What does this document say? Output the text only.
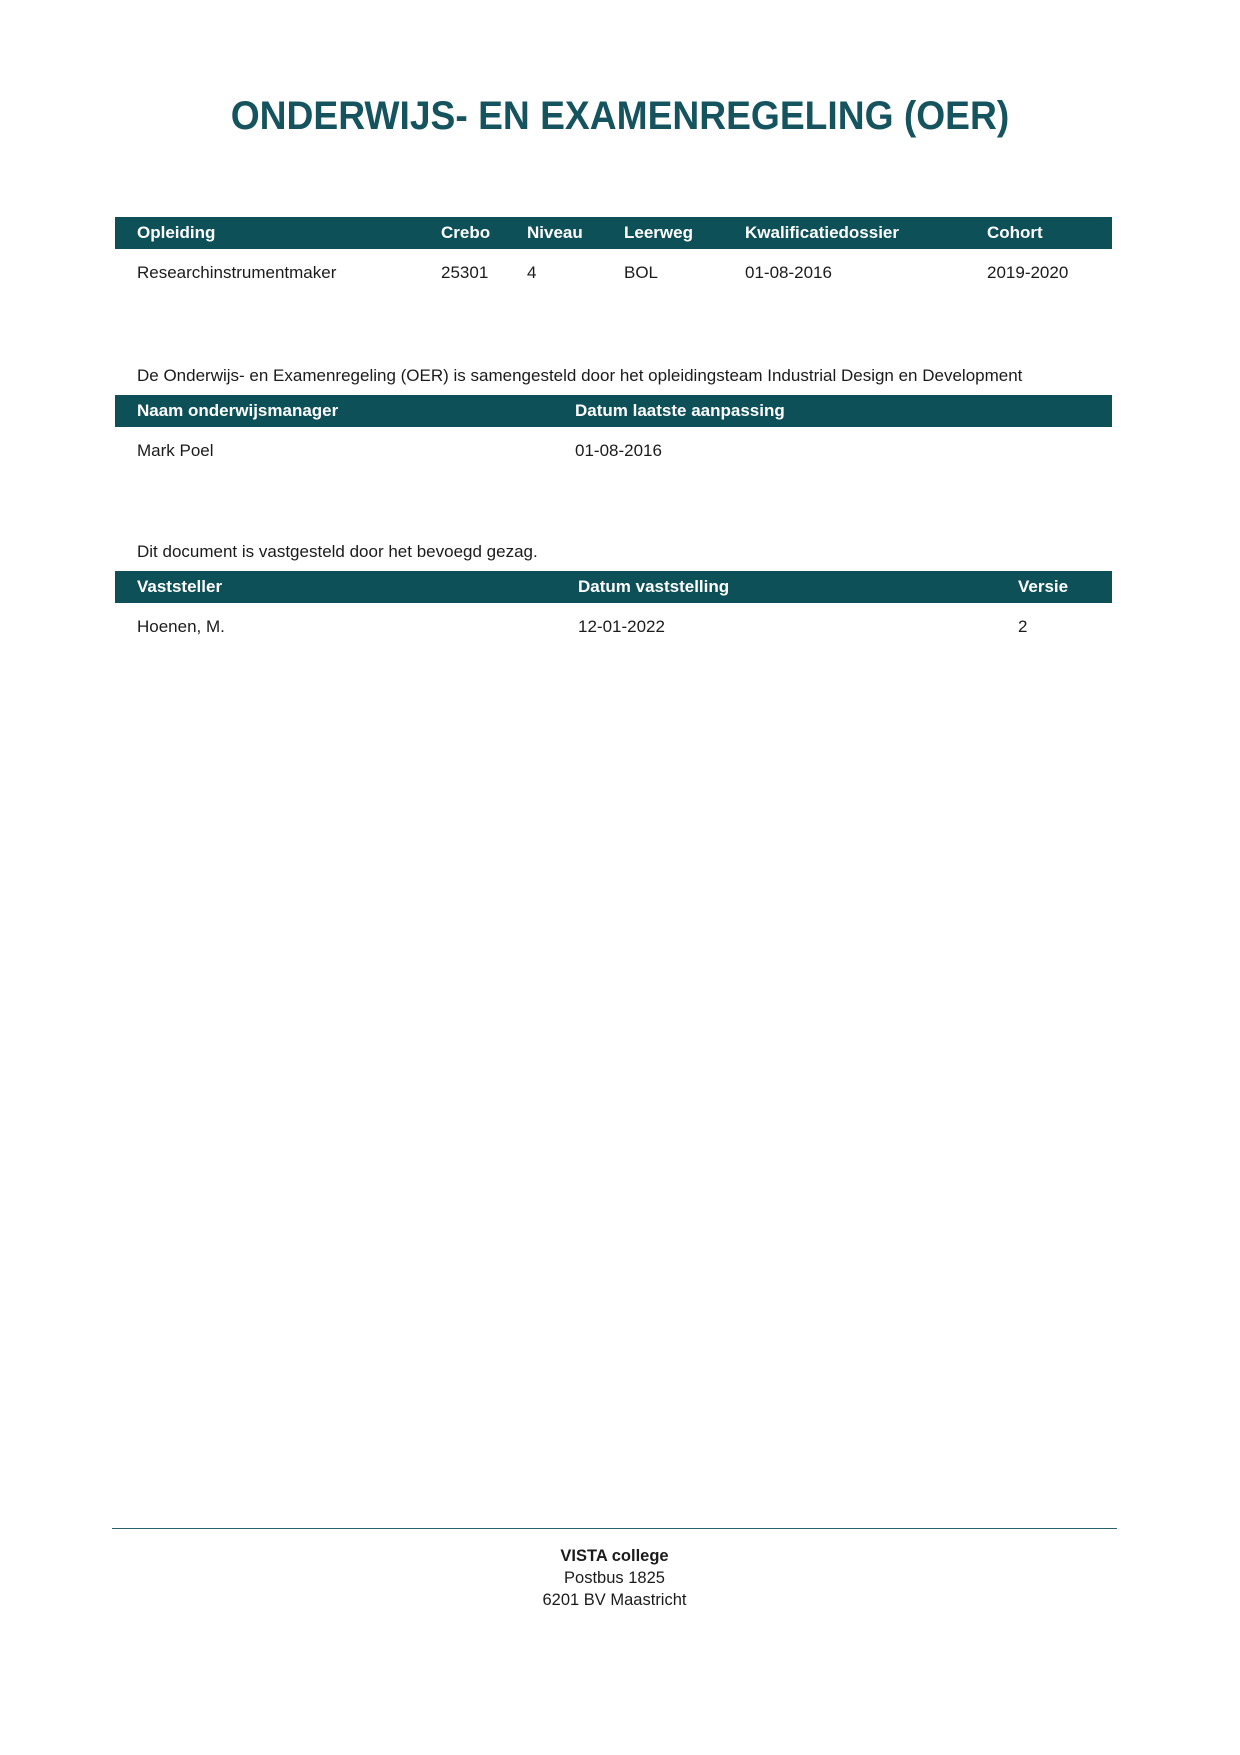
ONDERWIJS- EN EXAMENREGELING (OER)
Opleiding	Crebo	Niveau	Leerweg	Kwalificatiedossier	Cohort
Researchinstrumentmaker	25301	4	BOL	01-08-2016	2019-2020

De Onderwijs- en Examenregeling (OER) is samengesteld door het opleidingsteam Industrial Design en Development

Naam onderwijsmanager	Datum laatste aanpassing
Mark Poel	01-08-2016

Dit document is vastgesteld door het bevoegd gezag.

Vaststeller	Datum vaststelling	Versie
Hoenen, M.	12-01-2022	2
VISTA college
Postbus 1825
6201 BV Maastricht
